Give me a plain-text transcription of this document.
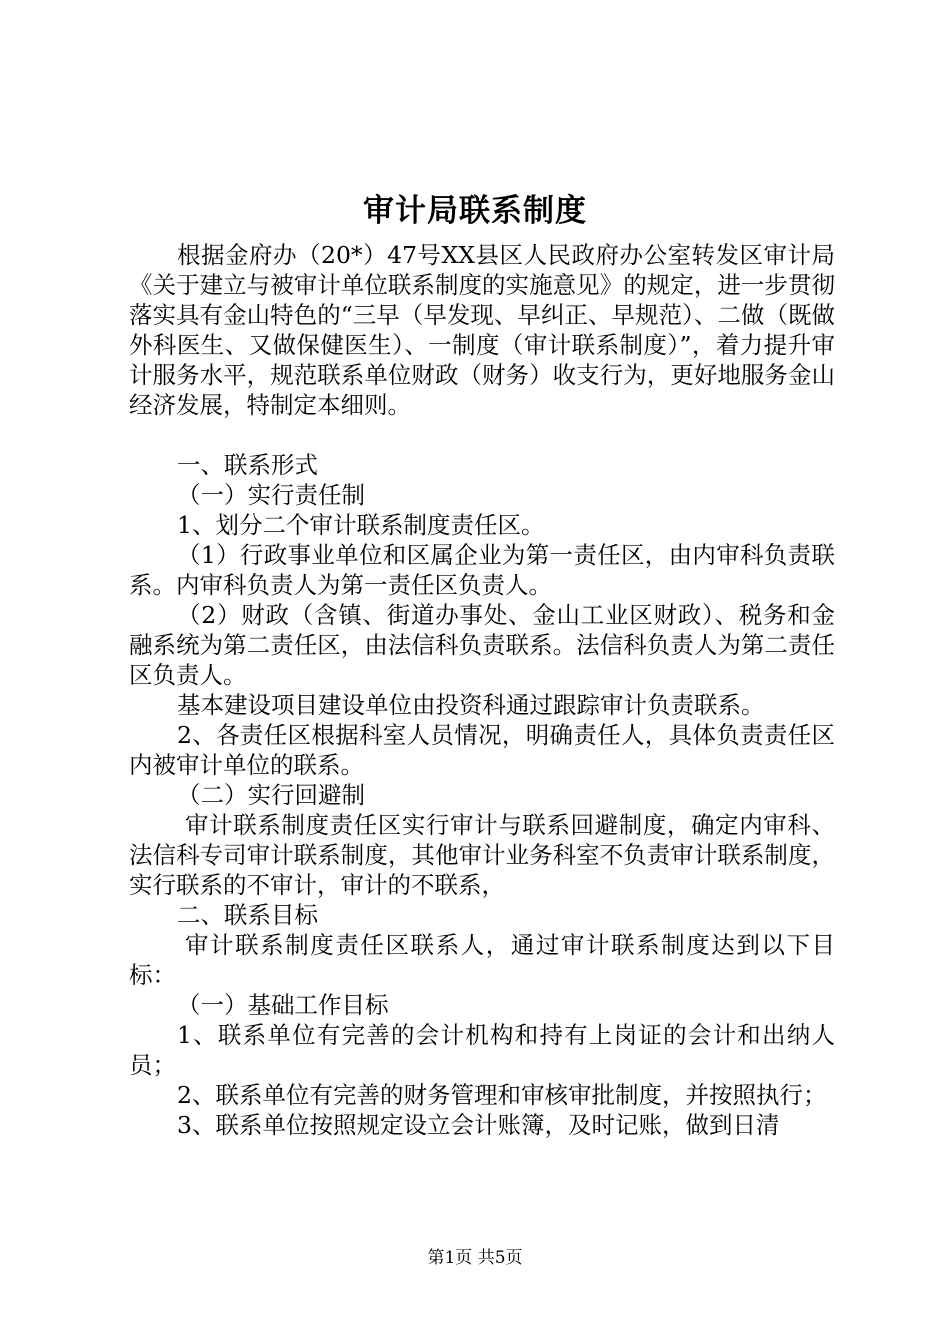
审计局联系制度

根据金府办（20*）47号XX县区人民政府办公室转发区审计局《关于建立与被审计单位联系制度的实施意见》的规定，进一步贯彻落实具有金山特色的“三早（早发现、早纠正、早规范）、二做（既做外科医生、又做保健医生）、一制度（审计联系制度）”，着力提升审计服务水平，规范联系单位财政（财务）收支行为，更好地服务金山经济发展，特制定本细则。

一、联系形式

（一）实行责任制

1、划分二个审计联系制度责任区。

（1）行政事业单位和区属企业为第一责任区，由内审科负责联系。内审科负责人为第一责任区负责人。

（2）财政（含镇、街道办事处、金山工业区财政）、税务和金融系统为第二责任区，由法信科负责联系。法信科负责人为第二责任区负责人。

基本建设项目建设单位由投资科通过跟踪审计负责联系。

2、各责任区根据科室人员情况，明确责任人，具体负责责任区内被审计单位的联系。

（二）实行回避制

审计联系制度责任区实行审计与联系回避制度，确定内审科、法信科专司审计联系制度，其他审计业务科室不负责审计联系制度，实行联系的不审计，审计的不联系，

二、联系目标

审计联系制度责任区联系人，通过审计联系制度达到以下目标：

（一）基础工作目标

1、联系单位有完善的会计机构和持有上岗证的会计和出纳人员；

2、联系单位有完善的财务管理和审核审批制度，并按照执行；

3、联系单位按照规定设立会计账簿，及时记账，做到日清

第1页 共5页
